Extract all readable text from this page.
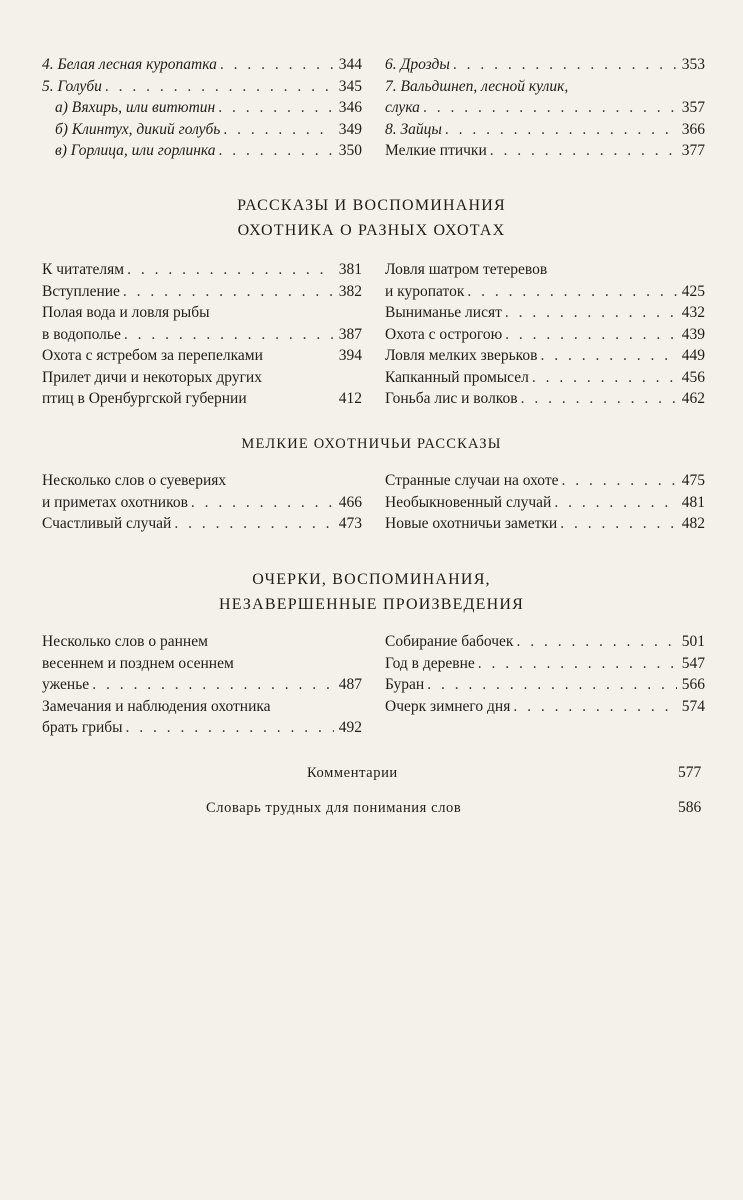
4. Белая лесная куропатка . . .	344
5. Голуби . . .	345
а) Вяхирь, или витютин . . .	346
б) Клинтух, дикий голубь . . .	349
в) Горлица, или горлинка . . .	350
6. Дрозды . . .	353
7. Вальдшнеп, лесной кулик,
слука . . .	357
8. Зайцы . . .	366
Мелкие птички . . .	377
РАССКАЗЫ И ВОСПОМИНАНИЯ
ОХОТНИКА О РАЗНЫХ ОХОТАХ
К читателям . . .	381
Вступление . . .	382
Полая вода и ловля рыбы
в водополье . . .	387
Охота с ястребом за перепелками	394
Прилет дичи и некоторых других
птиц в Оренбургской губернии	412
Ловля шатром тетеревов
и куропаток . . .	425
Выниманье лисят . . .	432
Охота с острогою . . .	439
Ловля мелких зверьков . . .	449
Капканный промысел . . .	456
Гоньба лис и волков . . .	462
МЕЛКИЕ ОХОТНИЧЬИ РАССКАЗЫ
Несколько слов о суевериях
и приметах охотников . . .	466
Счастливый случай . . .	473
Странные случаи на охоте . . .	475
Необыкновенный случай . . .	481
Новые охотничьи заметки . . .	482
ОЧЕРКИ, ВОСПОМИНАНИЯ,
НЕЗАВЕРШЕННЫЕ ПРОИЗВЕДЕНИЯ
Несколько слов о раннем
весеннем и позднем осеннем
уженье . . .	487
Замечания и наблюдения охотника
брать грибы . . .	492
Собирание бабочек . . .	501
Год в деревне . . .	547
Буран . . .	566
Очерк зимнего дня . . .	574
Комментарии	577
Словарь трудных для понимания слов	586
